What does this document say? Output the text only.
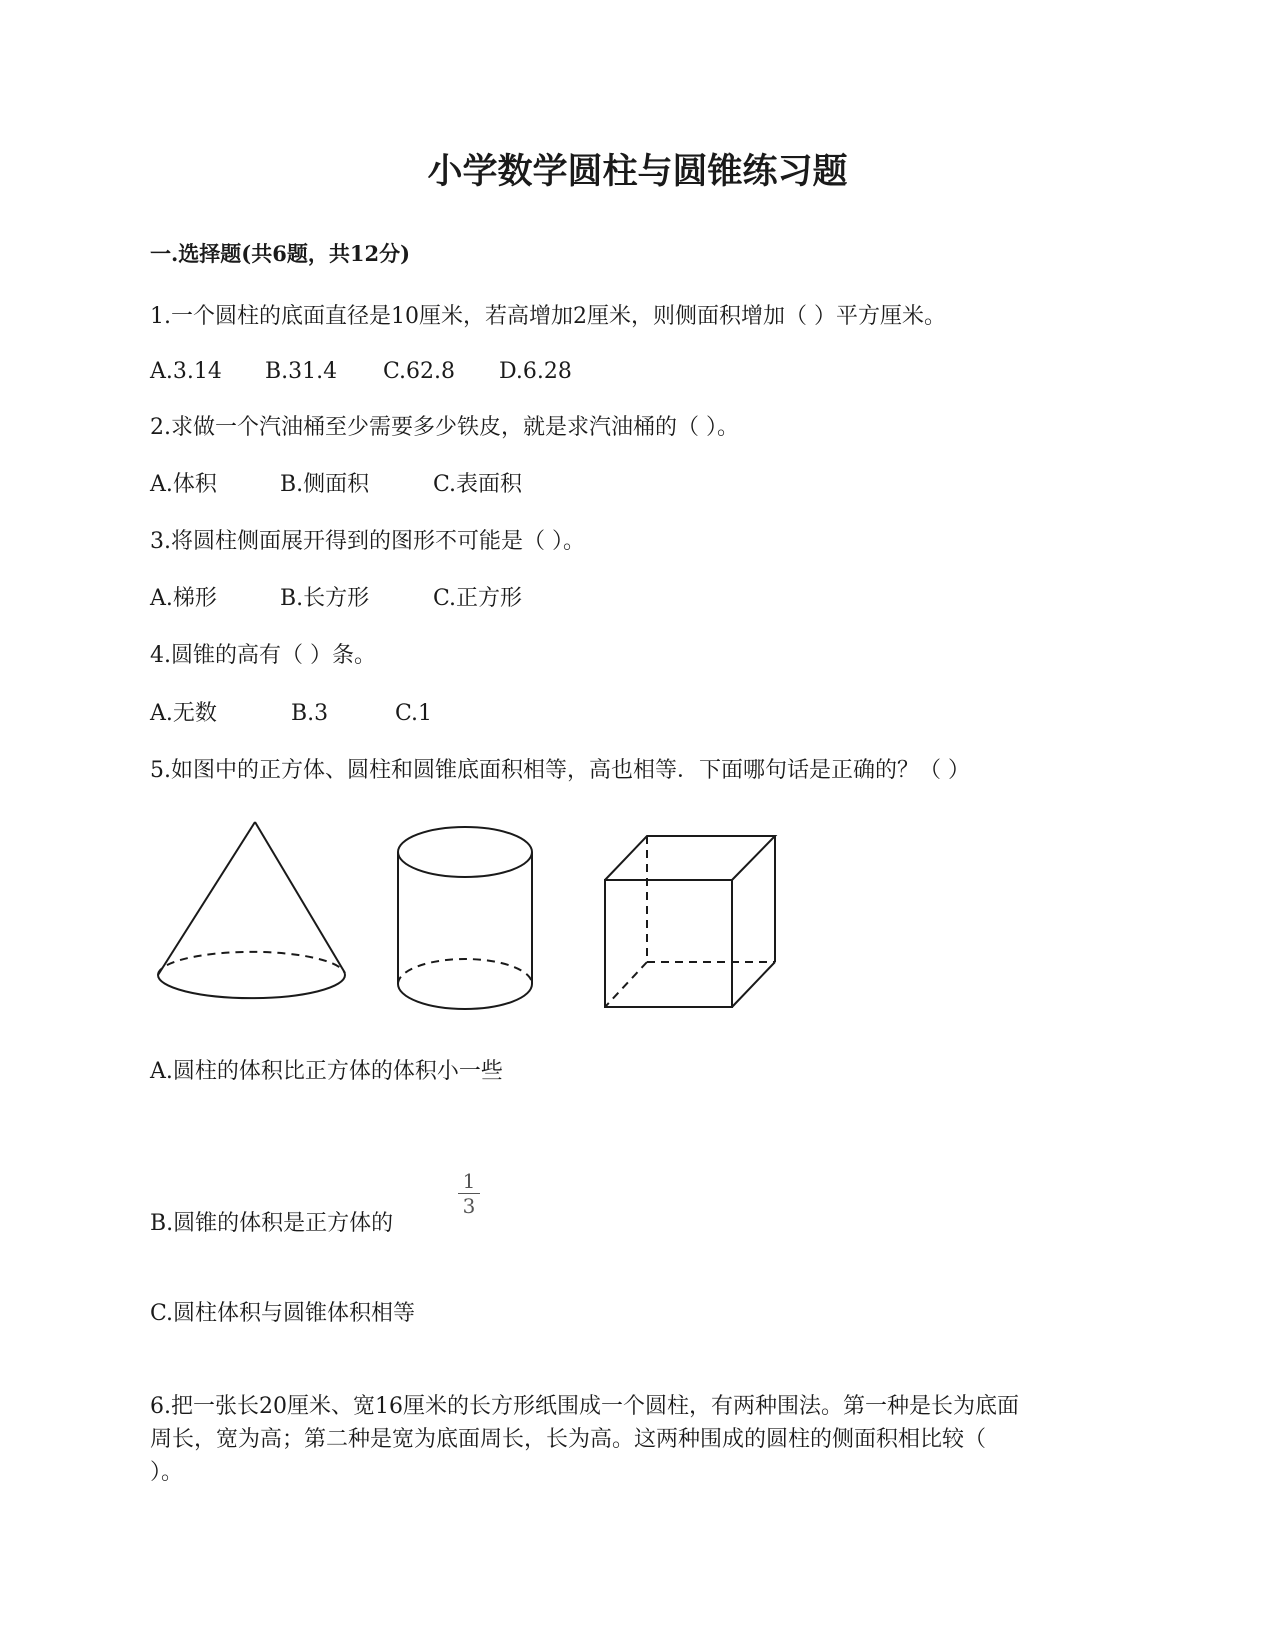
小学数学圆柱与圆锥练习题
一.选择题(共6题，共12分)
1.一个圆柱的底面直径是10厘米，若高增加2厘米，则侧面积增加（ ）平方厘米。
A.3.14 B.31.4 C.62.8 D.6.28
2.求做一个汽油桶至少需要多少铁皮，就是求汽油桶的（ ）。
A.体积	B.侧面积	C.表面积
3.将圆柱侧面展开得到的图形不可能是（ ）。
A.梯形	B.长方形	C.正方形
4.圆锥的高有（ ）条。
A.无数	B.3	C.1
5.如图中的正方体、圆柱和圆锥底面积相等，高也相等．下面哪句话是正确的？（ ）
A.圆柱的体积比正方体的体积小一些
B.圆锥的体积是正方体的
1
3
C.圆柱体积与圆锥体积相等
6.把一张长20厘米、宽16厘米的长方形纸围成一个圆柱，有两种围法。第一种是长为底面
周长，宽为高；第二种是宽为底面周长，长为高。这两种围成的圆柱的侧面积相比较（
）。
